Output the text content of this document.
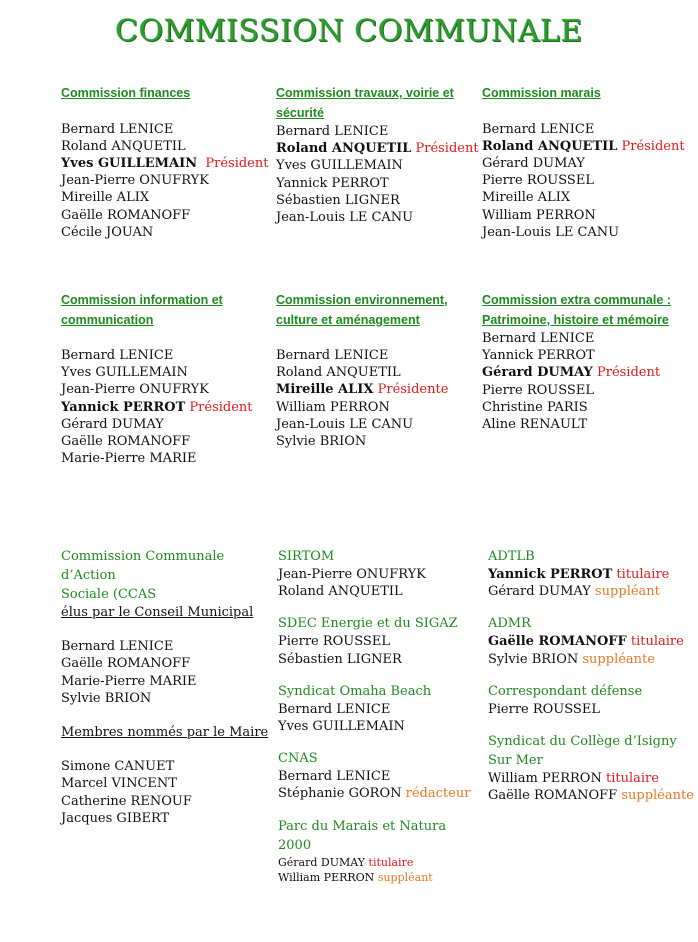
COMMISSION COMMUNALE
Commission finances
Bernard LENICE
Roland ANQUETIL
Yves GUILLEMAIN Président
Jean-Pierre ONUFRYK
Mireille ALIX
Gaëlle ROMANOFF
Cécile JOUAN
Commission travaux, voirie et
sécurité
Bernard LENICE
Roland ANQUETIL Président
Yves GUILLEMAIN
Yannick PERROT
Sébastien LIGNER
Jean-Louis LE CANU
Commission marais
Bernard LENICE
Roland ANQUETIL Président
Gérard DUMAY
Pierre ROUSSEL
Mireille ALIX
William PERRON
Jean-Louis LE CANU
Commission information et
communication
Bernard LENICE
Yves GUILLEMAIN
Jean-Pierre ONUFRYK
Yannick PERROT Président
Gérard DUMAY
Gaëlle ROMANOFF
Marie-Pierre MARIE
Commission environnement,
culture et aménagement
Bernard LENICE
Roland ANQUETIL
Mireille ALIX Présidente
William PERRON
Jean-Louis LE CANU
Sylvie BRION
Commission extra communale :
Patrimoine, histoire et mémoire
Bernard LENICE
Yannick PERROT
Gérard DUMAY Président
Pierre ROUSSEL
Christine PARIS
Aline RENAULT
Commission Communale d’Action
Sociale (CCAS
élus par le Conseil Municipal
Bernard LENICE
Gaëlle ROMANOFF
Marie-Pierre MARIE
Sylvie BRION
Membres nommés par le Maire
Simone CANUET
Marcel VINCENT
Catherine RENOUF
Jacques GIBERT
SIRTOM
Jean-Pierre ONUFRYK
Roland ANQUETIL
SDEC Energie et du SIGAZ
Pierre ROUSSEL
Sébastien LIGNER
Syndicat Omaha Beach
Bernard LENICE
Yves GUILLEMAIN
CNAS
Bernard LENICE
Stéphanie GORON rédacteur
Parc du Marais et Natura 2000
Gérard DUMAY titulaire
William PERRON suppléant
ADTLB
Yannick PERROT titulaire
Gérard DUMAY suppléant
ADMR
Gaëlle ROMANOFF titulaire
Sylvie BRION suppléante
Correspondant défense
Pierre ROUSSEL
Syndicat du Collège d’Isigny
Sur Mer
William PERRON titulaire
Gaëlle ROMANOFF suppléante
